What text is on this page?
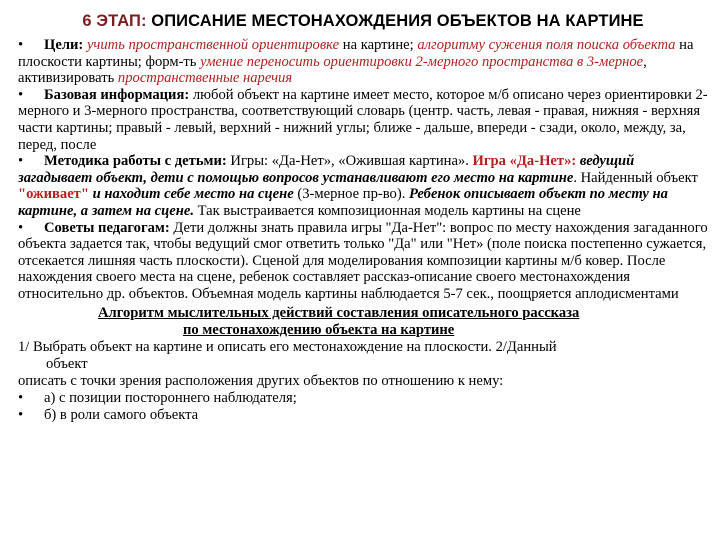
6 ЭТАП: ОПИСАНИЕ МЕСТОНАХОЖДЕНИЯ ОБЪЕКТОВ НА КАРТИНЕ

• Цели: учить пространственной ориентировке на картине; алгоритму сужения поля поиска объекта на плоскости картины; форм-ть умение переносить ориентировки 2-мерного пространства в 3-мерное, активизировать пространственные наречия

• Базовая информация: любой объект на картине имеет место, которое м/б описано через ориентировки 2-мерного и 3-мерного пространства, соответствующий словарь (центр. часть, левая - правая, нижняя - верхняя части картины; правый - левый, верхний - нижний углы; ближе - дальше, впереди - сзади, около, между, за, перед, после

• Методика работы с детьми: Игры: «Да-Нет», «Ожившая картина». Игра «Да-Нет»: ведущий загадывает объект, дети с помощью вопросов устанавливают его место на картине. Найденный объект "оживает" и находит себе место на сцене (3-мерное пр-во). Ребенок описывает объект по месту на картине, а затем на сцене. Так выстраивается композиционная модель картины на сцене

• Советы педагогам: Дети должны знать правила игры "Да-Нет": вопрос по месту нахождения загаданного объекта задается так, чтобы ведущий смог ответить только "Да" или "Нет» (поле поиска постепенно сужается, отсекается лишняя часть плоскости). Сценой для моделирования композиции картины м/б ковер. После нахождения своего места на сцене, ребенок составляет рассказ-описание своего местонахождения относительно др. объектов. Объемная модель картины наблюдается 5-7 сек., поощряется аплодисментами

Алгоритм мыслительных действий составления описательного рассказа
по местонахождению объекта на картине
1/ Выбрать объект на картине и описать его местонахождение на плоскости. 2/Данный
объект
описать с точки зрения расположения других объектов по отношению к нему:
• а) с позиции постороннего наблюдателя;
• б) в роли самого объекта
